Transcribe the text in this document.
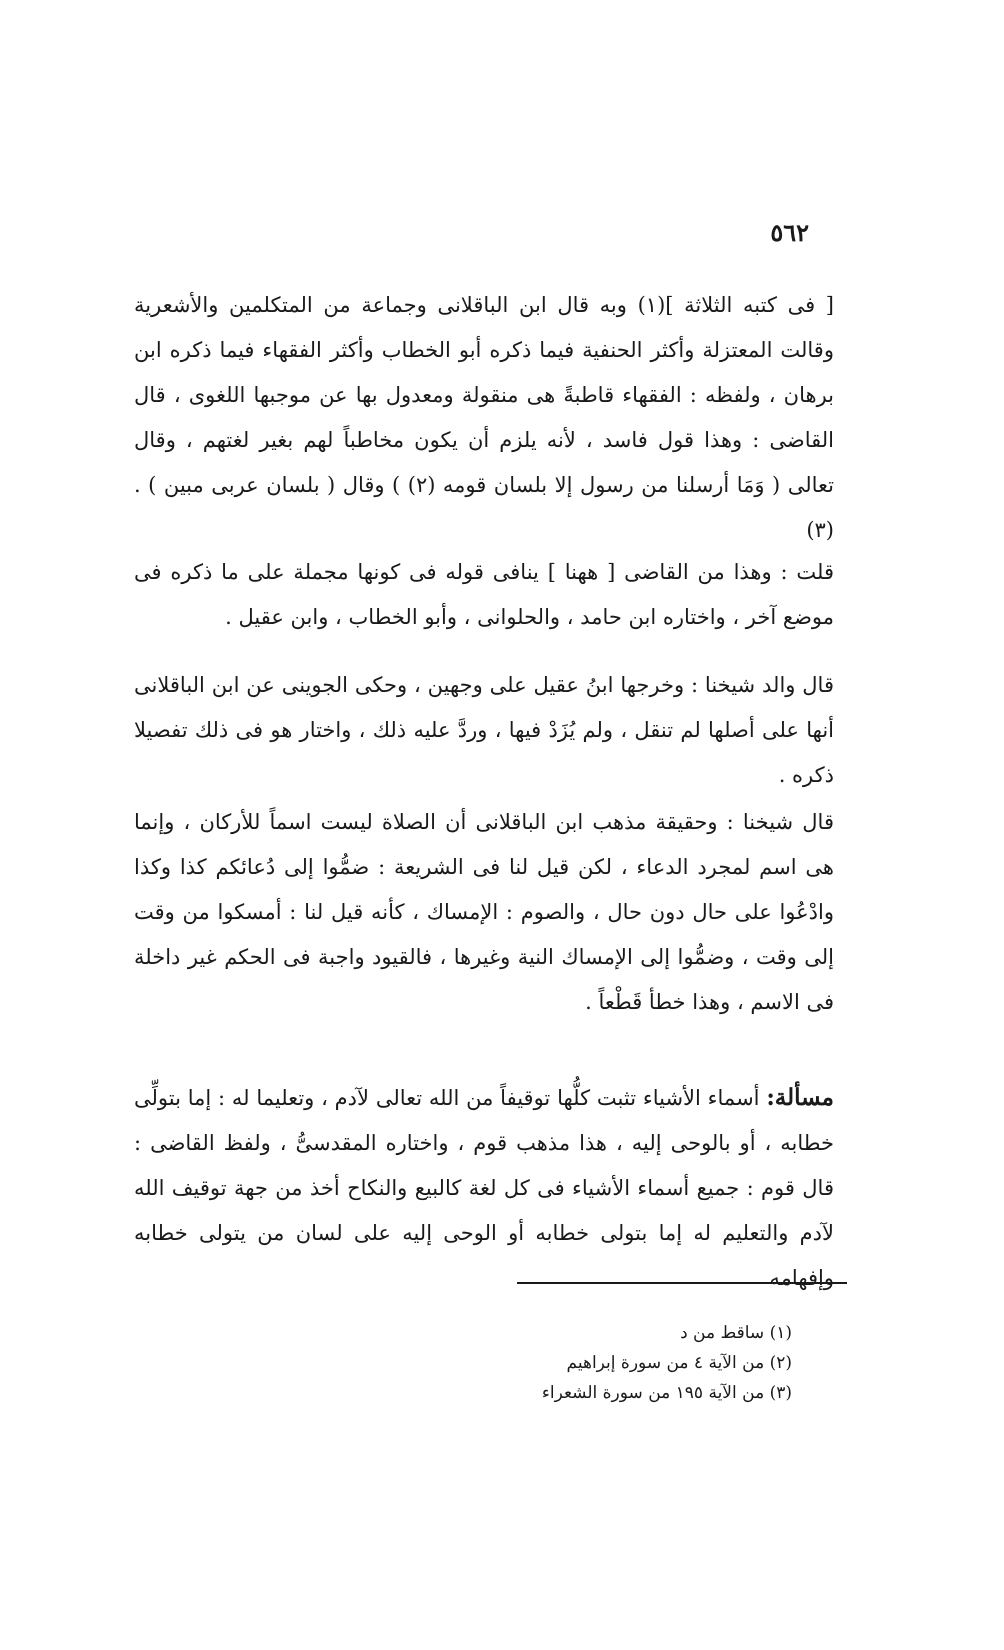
٥٦٢

[ فى كتبه الثلاثة ](١) وبه قال ابن الباقلانى وجماعة من المتكلمين والأشعرية وقالت المعتزلة وأكثر الحنفية فيما ذكره أبو الخطاب وأكثر الفقهاء فيما ذكره ابن برهان ، ولفظه : الفقهاء قاطبةً هى منقولة ومعدول بها عن موجبها اللغوى ، قال القاضى : وهذا قول فاسد ، لأنه يلزم أن يكون مخاطباً لهم بغير لغتهم ، وقال تعالى ( وَمَا أرسلنا من رسول إلا بلسان قومه (٢) ) وقال ( بلسان عربى مبين ) .(٣)

قلت : وهذا من القاضى [ ههنا ] ينافى قوله فى كونها مجملة على ما ذكره فى موضع آخر ، واختاره ابن حامد ، والحلوانى ، وأبو الخطاب ، وابن عقيل .

قال والد شيخنا : وخرجها ابنُ عقيل على وجهين ، وحكى الجوينى عن ابن الباقلانى أنها على أصلها لم تنقل ، ولم يُزَدْ فيها ، وردَّ عليه ذلك ، واختار هو فى ذلك تفصيلا ذكره .

قال شيخنا : وحقيقة مذهب ابن الباقلانى أن الصلاة ليست اسماً للأركان ، وإنما هى اسم لمجرد الدعاء ، لكن قيل لنا فى الشريعة : ضمُّوا إلى دُعائكم كذا وكذا وادْعُوا على حال دون حال ، والصوم : الإمساك ، كأنه قيل لنا : أمسكوا من وقت إلى وقت ، وضمُّوا إلى الإمساك النية وغيرها ، فالقيود واجبة فى الحكم غير داخلة فى الاسم ، وهذا خطأ قَطْعاً .

مسألة: أسماء الأشياء تثبت كلُّها توقيفاً من الله تعالى لآدم ، وتعليما له : إما بتولِّى خطابه ، أو بالوحى إليه ، هذا مذهب قوم ، واختاره المقدسىُّ ، ولفظ القاضى : قال قوم : جميع أسماء الأشياء فى كل لغة كالبيع والنكاح أخذ من جهة توقيف الله لآدم والتعليم له إما بتولى خطابه أو الوحى إليه على لسان من يتولى خطابه وإفهامه

(١) ساقط من د
(٢) من الآية ٤ من سورة إبراهيم
(٣) من الآية ١٩٥ من سورة الشعراء
